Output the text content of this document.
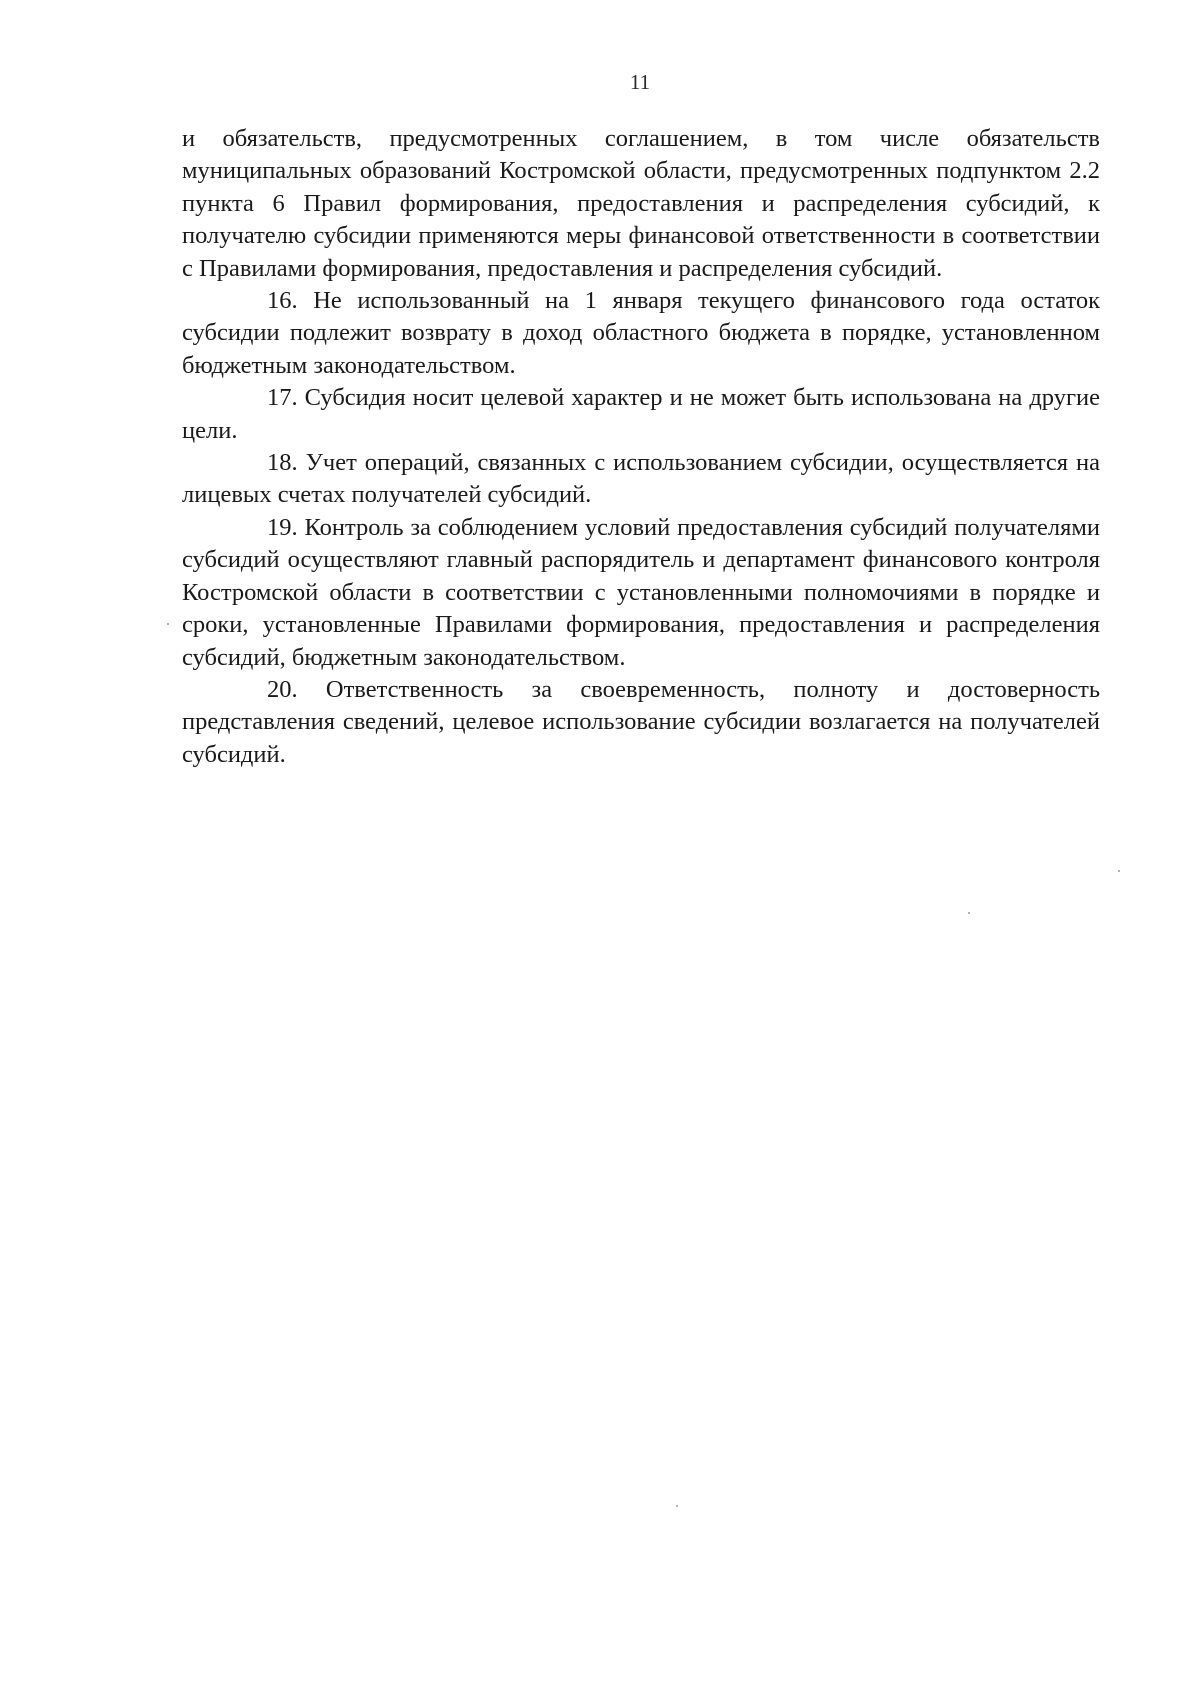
11

и обязательств, предусмотренных соглашением, в том числе обязательств муниципальных образований Костромской области, предусмотренных подпунктом 2.2 пункта 6 Правил формирования, предоставления и распределения субсидий, к получателю субсидии применяются меры финансовой ответственности в соответствии с Правилами формирования, предоставления и распределения субсидий.

16. Не использованный на 1 января текущего финансового года остаток субсидии подлежит возврату в доход областного бюджета в порядке, установленном бюджетным законодательством.

17. Субсидия носит целевой характер и не может быть использована на другие цели.

18. Учет операций, связанных с использованием субсидии, осуществляется на лицевых счетах получателей субсидий.

19. Контроль за соблюдением условий предоставления субсидий получателями субсидий осуществляют главный распорядитель и департамент финансового контроля Костромской области в соответствии с установленными полномочиями в порядке и сроки, установленные Правилами формирования, предоставления и распределения субсидий, бюджетным законодательством.

20. Ответственность за своевременность, полноту и достоверность представления сведений, целевое использование субсидии возлагается на получателей субсидий.
